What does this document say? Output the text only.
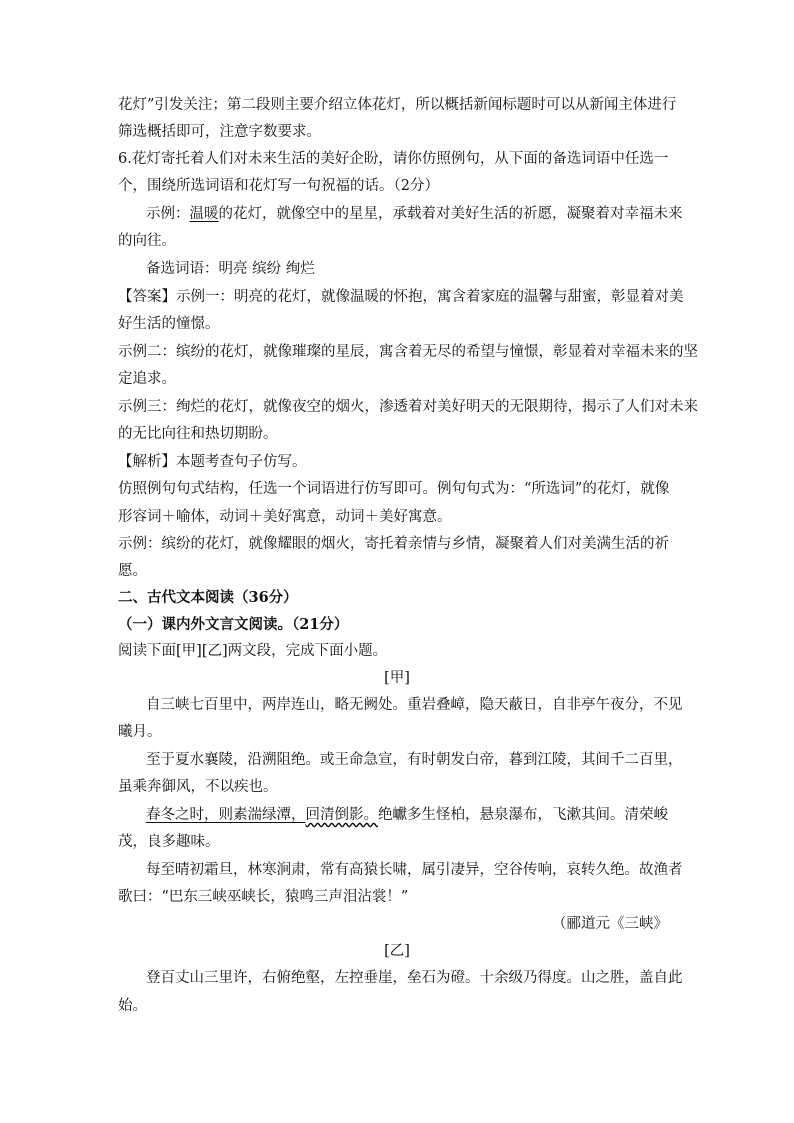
花灯”引发关注；第二段则主要介绍立体花灯，所以概括新闻标题时可以从新闻主体进行
筛选概括即可，注意字数要求。
6.花灯寄托着人们对未来生活的美好企盼，请你仿照例句，从下面的备选词语中任选一
个，围绕所选词语和花灯写一句祝福的话。（2分）
示例：温暖的花灯，就像空中的星星，承载着对美好生活的祈愿，凝聚着对幸福未来
的向往。
备选词语：明亮 缤纷 绚烂
【答案】示例一：明亮的花灯，就像温暖的怀抱，寓含着家庭的温馨与甜蜜，彰显着对美
好生活的憧憬。
示例二：缤纷的花灯，就像璀璨的星辰，寓含着无尽的希望与憧憬，彰显着对幸福未来的坚
定追求。
示例三：绚烂的花灯，就像夜空的烟火，渗透着对美好明天的无限期待，揭示了人们对未来
的无比向往和热切期盼。
【解析】本题考查句子仿写。
仿照例句句式结构，任选一个词语进行仿写即可。例句句式为：“所选词”的花灯，就像
形容词＋喻体，动词＋美好寓意，动词＋美好寓意。
示例：缤纷的花灯，就像耀眼的烟火，寄托着亲情与乡情，凝聚着人们对美满生活的祈
愿。
二、古代文本阅读（36分）
（一）课内外文言文阅读。（21分）
阅读下面[甲][乙]两文段，完成下面小题。
[甲]
自三峡七百里中，两岸连山，略无阙处。重岩叠嶂，隐天蔽日，自非亭午夜分，不见
曦月。
至于夏水襄陵，沿溯阻绝。或王命急宣，有时朝发白帝，暮到江陵，其间千二百里，
虽乘奔御风，不以疾也。
春冬之时，则素湍绿潭，回清倒影。绝巘多生怪柏，悬泉瀑布，飞漱其间。清荣峻
茂，良多趣味。
每至晴初霜旦，林寒涧肃，常有高猿长啸，属引凄异，空谷传响，哀转久绝。故渔者
歌曰：“巴东三峡巫峡长，猿鸣三声泪沾裳！”
（郦道元《三峡》
[乙]
登百丈山三里许，右俯绝壑，左控垂崖，垒石为磴。十余级乃得度。山之胜，盖自此
始。
